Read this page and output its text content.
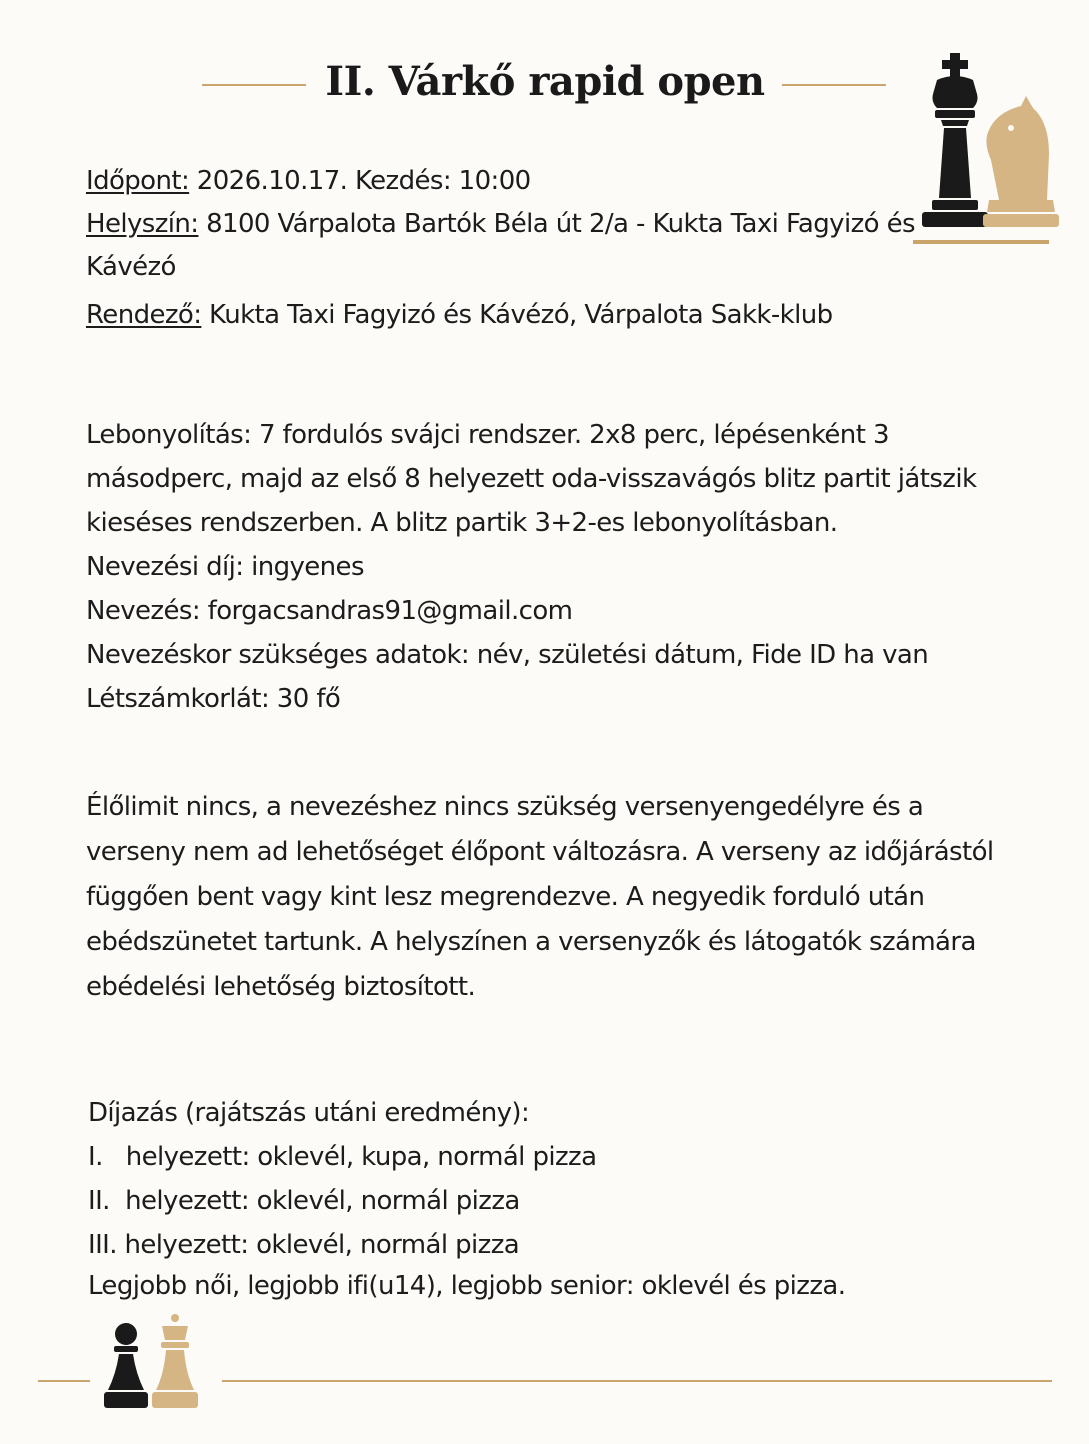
II. Várkő rapid open
Időpont: 2026.10.17. Kezdés: 10:00
Helyszín: 8100 Várpalota Bartók Béla út 2/a - Kukta Taxi Fagyizó és
Kávézó
Rendező: Kukta Taxi Fagyizó és Kávézó, Várpalota Sakk-klub
Lebonyolítás: 7 fordulós svájci rendszer. 2x8 perc, lépésenként 3
másodperc, majd az első 8 helyezett oda-visszavágós blitz partit játszik
kieséses rendszerben. A blitz partik 3+2-es lebonyolításban.
Nevezési díj: ingyenes
Nevezés: forgacsandras91@gmail.com
Nevezéskor szükséges adatok: név, születési dátum, Fide ID ha van
Létszámkorlát: 30 fő
Élőlimit nincs, a nevezéshez nincs szükség versenyengedélyre és a
verseny nem ad lehetőséget élőpont változásra. A verseny az időjárástól
függően bent vagy kint lesz megrendezve. A negyedik forduló után
ebédszünetet tartunk. A helyszínen a versenyzők és látogatók számára
ebédelési lehetőség biztosított.
Díjazás (rajátszás utáni eredmény):
I.   helyezett: oklevél, kupa, normál pizza
II.  helyezett: oklevél, normál pizza
III. helyezett: oklevél, normál pizza
Legjobb női, legjobb ifi(u14), legjobb senior: oklevél és pizza.
